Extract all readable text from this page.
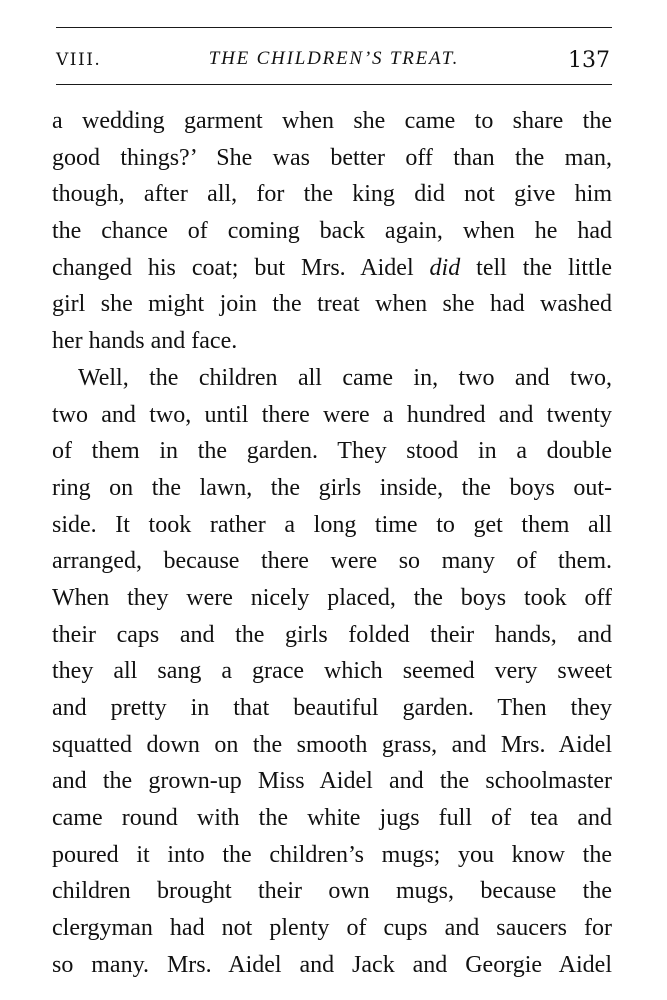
VIII.	THE CHILDREN’S TREAT.	137
a wedding garment when she came to share the
good things?’ She was better off than the man,
though, after all, for the king did not give him
the chance of coming back again, when he had
changed his coat; but Mrs. Aidel did tell the little
girl she might join the treat when she had washed
her hands and face.
Well, the children all came in, two and two,
two and two, until there were a hundred and twenty
of them in the garden. They stood in a double
ring on the lawn, the girls inside, the boys out-
side. It took rather a long time to get them all
arranged, because there were so many of them.
When they were nicely placed, the boys took off
their caps and the girls folded their hands, and
they all sang a grace which seemed very sweet
and pretty in that beautiful garden. Then they
squatted down on the smooth grass, and Mrs. Aidel
and the grown-up Miss Aidel and the schoolmaster
came round with the white jugs full of tea and
poured it into the children’s mugs; you know the
children brought their own mugs, because the
clergyman had not plenty of cups and saucers for
so many. Mrs. Aidel and Jack and Georgie Aidel
